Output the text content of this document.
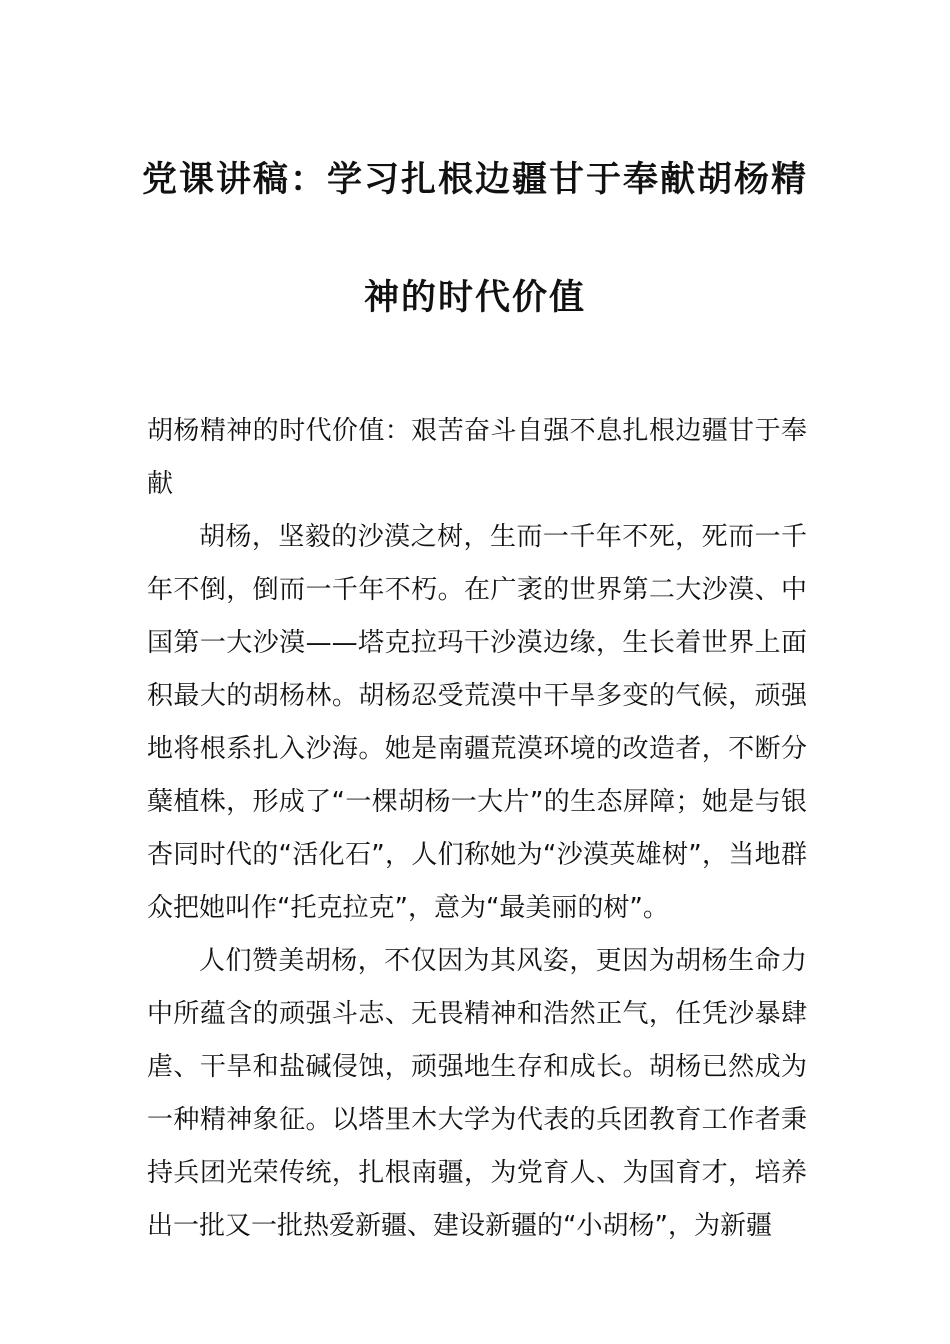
党课讲稿：学习扎根边疆甘于奉献胡杨精
神的时代价值

胡杨精神的时代价值：艰苦奋斗自强不息扎根边疆甘于奉献

胡杨，坚毅的沙漠之树，生而一千年不死，死而一千年不倒，倒而一千年不朽。在广袤的世界第二大沙漠、中国第一大沙漠——塔克拉玛干沙漠边缘，生长着世界上面积最大的胡杨林。胡杨忍受荒漠中干旱多变的气候，顽强地将根系扎入沙海。她是南疆荒漠环境的改造者，不断分蘖植株，形成了“一棵胡杨一大片”的生态屏障；她是与银杏同时代的“活化石”，人们称她为“沙漠英雄树”，当地群众把她叫作“托克拉克”，意为“最美丽的树”。

人们赞美胡杨，不仅因为其风姿，更因为胡杨生命力中所蕴含的顽强斗志、无畏精神和浩然正气，任凭沙暴肆虐、干旱和盐碱侵蚀，顽强地生存和成长。胡杨已然成为一种精神象征。以塔里木大学为代表的兵团教育工作者秉持兵团光荣传统，扎根南疆，为党育人、为国育才，培养出一批又一批热爱新疆、建设新疆的“小胡杨”，为新疆
